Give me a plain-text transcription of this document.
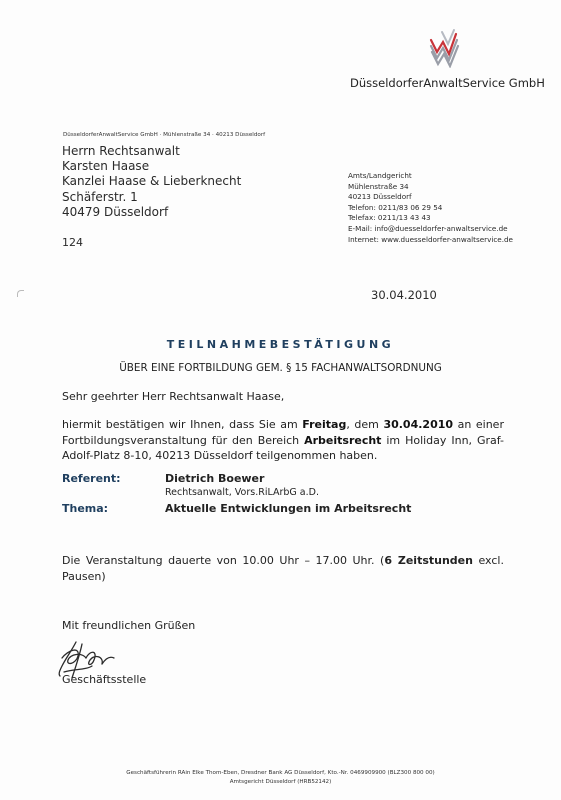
DüsseldorferAnwaltService GmbH
DüsseldorferAnwaltService GmbH · Mühlenstraße 34 · 40213 Düsseldorf
Herrn Rechtsanwalt
Karsten Haase
Kanzlei Haase & Lieberknecht
Schäferstr. 1
40479 Düsseldorf
Amts/Landgericht
Mühlenstraße 34
40213 Düsseldorf
Telefon: 0211/83 06 29 54
Telefax: 0211/13 43 43
E-Mail: info@duesseldorfer-anwaltservice.de
Internet: www.duesseldorfer-anwaltservice.de
124
30.04.2010
TEILNAHMEBESTÄTIGUNG
ÜBER EINE FORTBILDUNG GEM. § 15 FACHANWALTSORDNUNG
Sehr geehrter Herr Rechtsanwalt Haase,
hiermit bestätigen wir Ihnen, dass Sie am Freitag, dem 30.04.2010 an einer Fortbildungsveranstaltung für den Bereich Arbeitsrecht im Holiday Inn, Graf-Adolf-Platz 8-10, 40213 Düsseldorf teilgenommen haben.
Referent:	Dietrich Boewer
Rechtsanwalt, Vors.RiLArbG a.D.
Thema:	Aktuelle Entwicklungen im Arbeitsrecht
Die Veranstaltung dauerte von 10.00 Uhr – 17.00 Uhr. (6 Zeitstunden excl. Pausen)
Mit freundlichen Grüßen
Geschäftsstelle
Geschäftsführerin RAin Elke Thom-Eben, Dresdner Bank AG Düsseldorf, Kto.-Nr. 0469909900 (BLZ300 800 00)
Amtsgericht Düsseldorf (HRB52142)
